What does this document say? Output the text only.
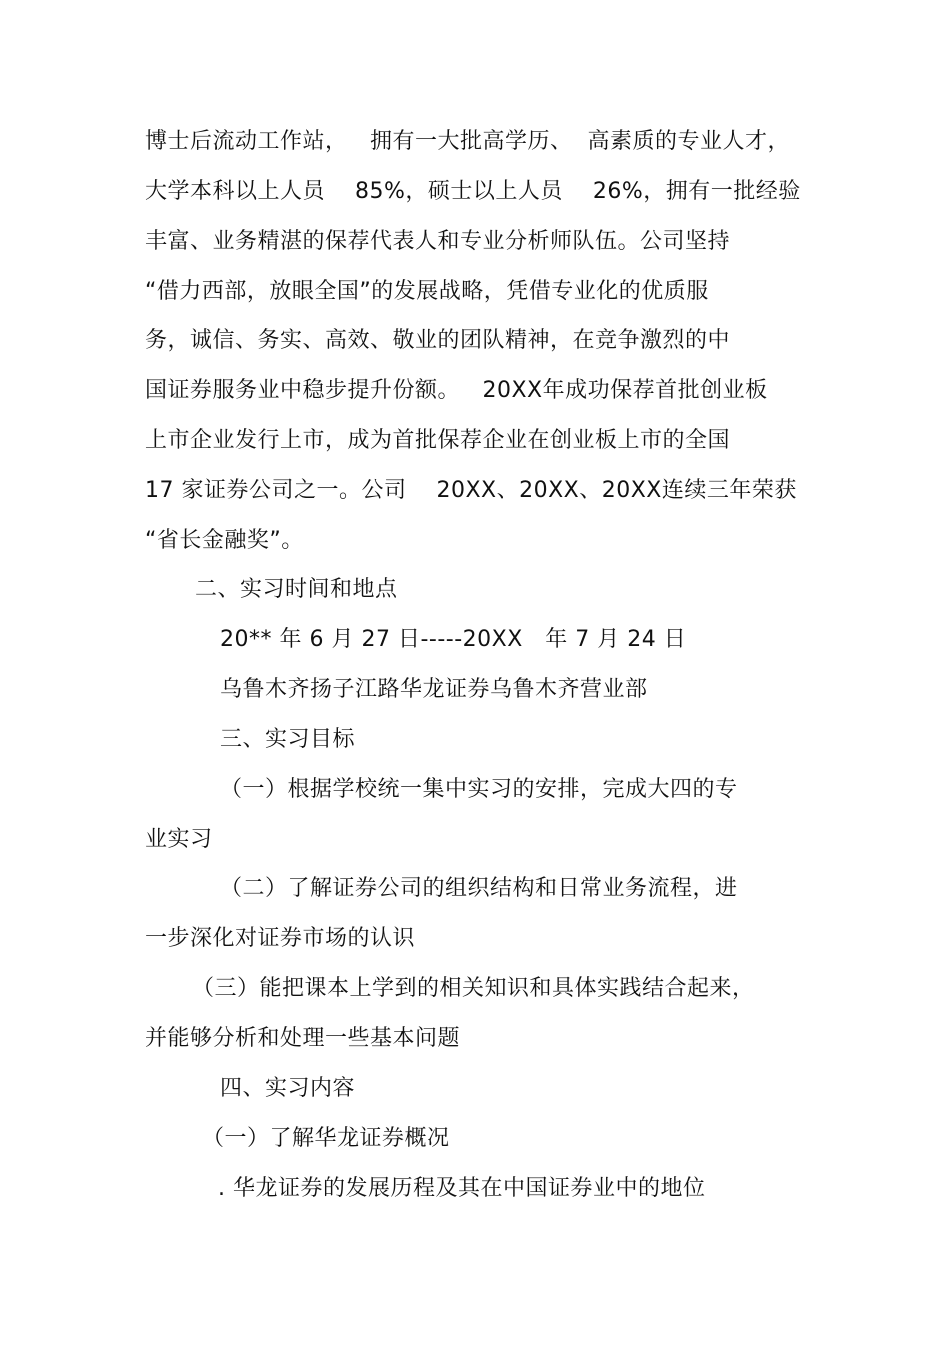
博士后流动工作站，   拥有一大批高学历、  高素质的专业人才，
大学本科以上人员    85%，硕士以上人员    26%，拥有一批经验
丰富、业务精湛的保荐代表人和专业分析师队伍。公司坚持
“借力西部，放眼全国”的发展战略，凭借专业化的优质服
务，诚信、务实、高效、敬业的团队精神，在竞争激烈的中
国证券服务业中稳步提升份额。   20XX年成功保荐首批创业板
上市企业发行上市，成为首批保荐企业在创业板上市的全国
17 家证券公司之一。公司    20XX、20XX、20XX连续三年荣获
“省长金融奖”。
二、实习时间和地点
20** 年 6 月 27 日-----20XX   年 7 月 24 日
乌鲁木齐扬子江路华龙证券乌鲁木齐营业部
三、实习目标
（一）根据学校统一集中实习的安排，完成大四的专
业实习
（二）了解证券公司的组织结构和日常业务流程，进
一步深化对证券市场的认识
（三）能把课本上学到的相关知识和具体实践结合起来，
并能够分析和处理一些基本问题
四、实习内容
（一）了解华龙证券概况
. 华龙证券的发展历程及其在中国证券业中的地位
